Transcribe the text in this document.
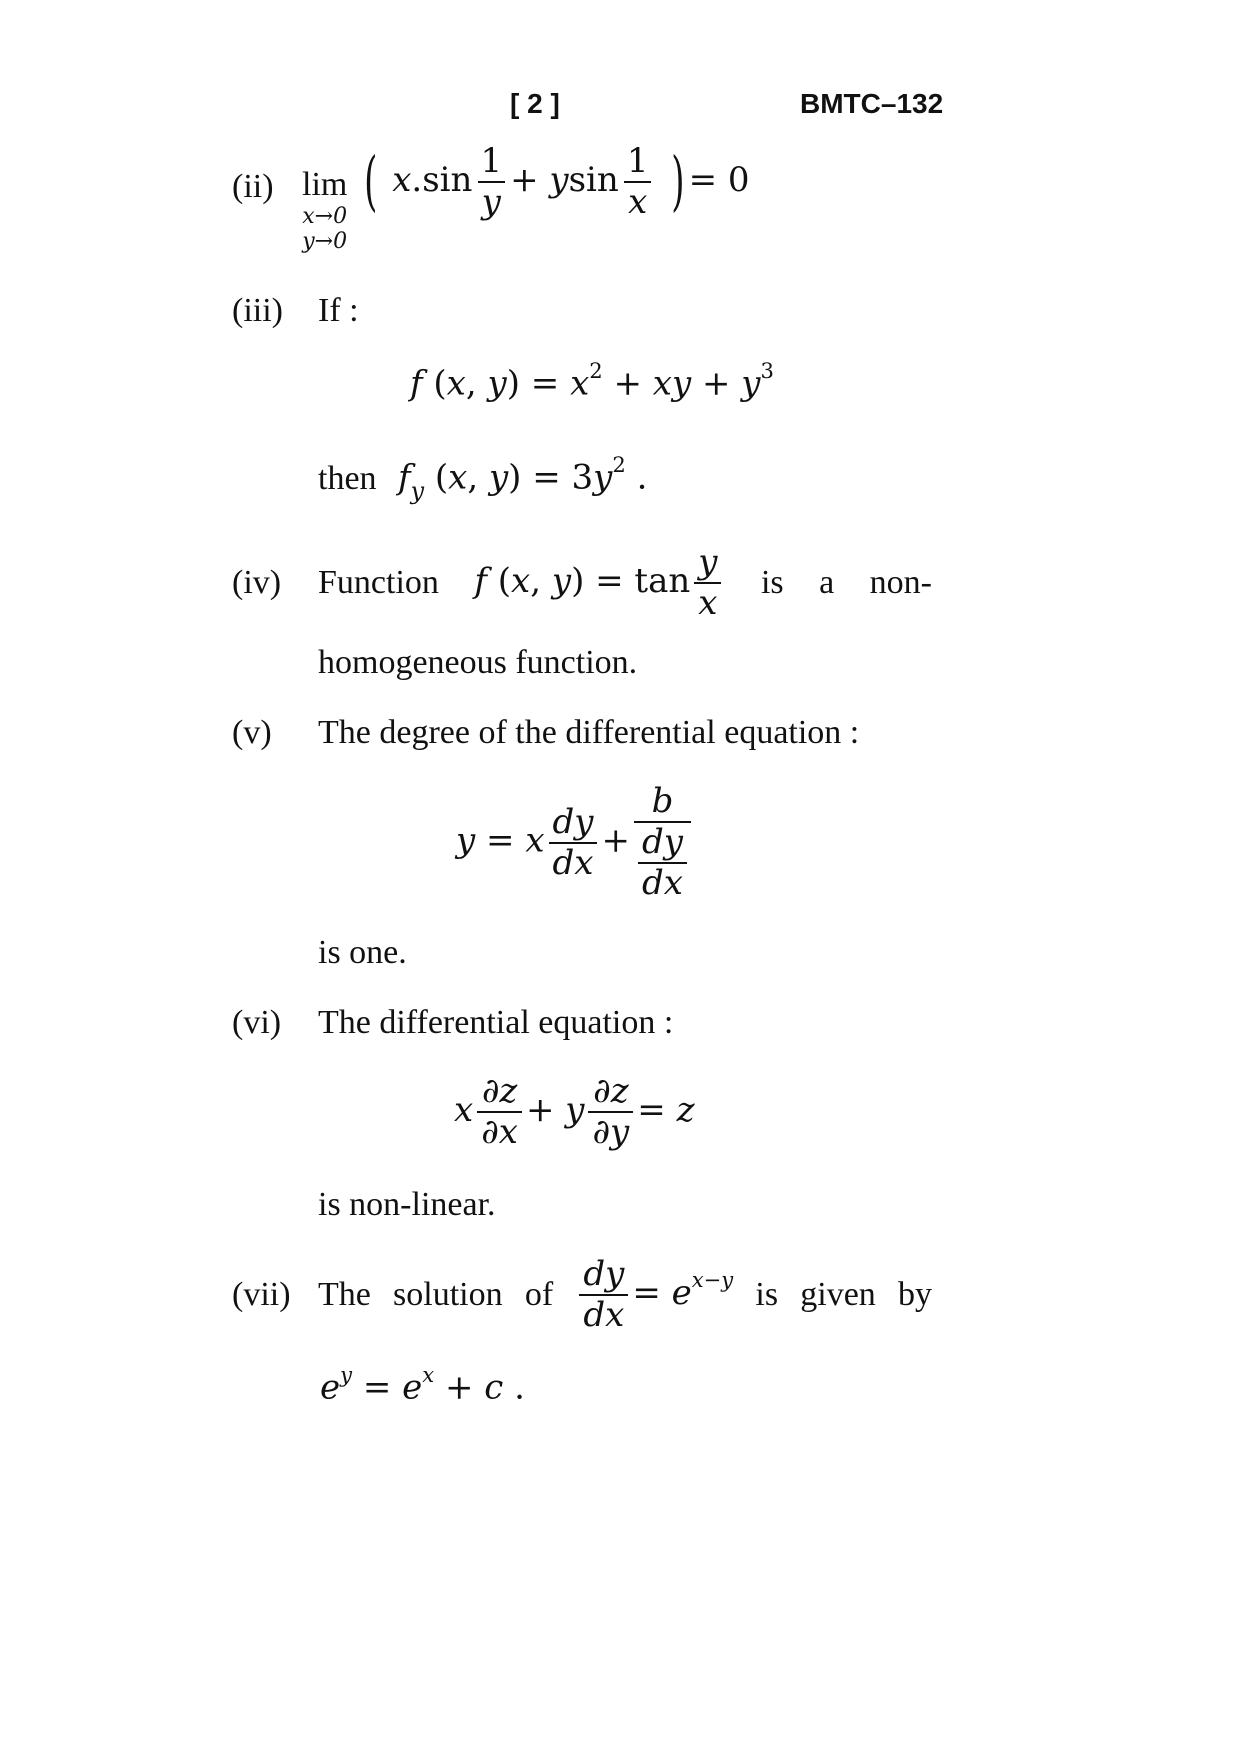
[ 2 ]	BMTC–132
(ii) lim
x→0
y→0
( $x.\sin \frac{1}{y} + ysin \frac{1}{x}$ ) = 0
(iii) If :
f (x, $y) = x^2$ + xy + $y^3$
then $f_y$ (x, $y) = 3y^2$ .
(iv) Function f (x, $y) = \tan \frac{y}{x}$ is a non-
homogeneous function.
(v) The degree of the differential equation :
y = x $\frac{dy}{dx} + \frac{b}{\frac{dy}{dx}}$
is one.
(vi) The differential equation :
x $\frac{\partial z}{\partial x} + y \frac{\partial z}{\partial y} = z$
is non-linear.
(vii) The solution of $\frac{dy}{dx} = e^{x-y}$ is given by
$e^y = e^x + c$ .
